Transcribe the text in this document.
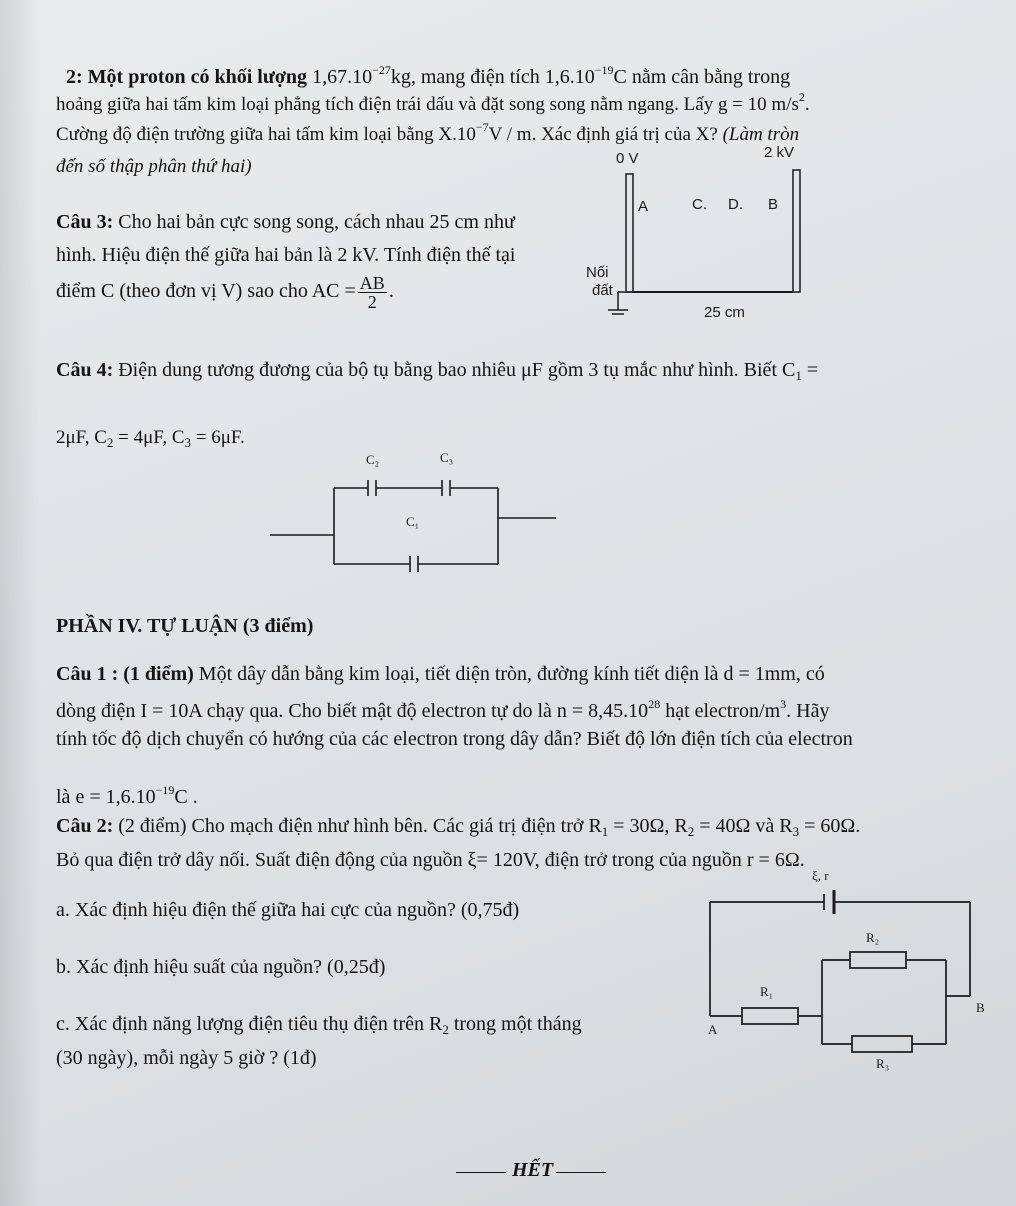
2: Một proton có khối lượng $1,67.10^{-27}kg$, mang điện tích $1,6.10^{-19}C$ nằm cân bằng trong
hoảng giữa hai tấm kim loại phẳng tích điện trái dấu và đặt song song nằm ngang. Lấy g = 10 $m/s^2$.
Cường độ điện trường giữa hai tấm kim loại bằng $X.10^{-7}V$ / m. Xác định giá trị của X? (Làm tròn
đến số thập phân thứ hai)
Câu 3: Cho hai bản cực song song, cách nhau 25 cm như
hình. Hiệu điện thế giữa hai bản là 2 kV. Tính điện thế tại
điểm C (theo đơn vị V) sao cho AC = $\frac{AB}{2}$ .
0 V	2 kV
A	C. D. B
Nối
đất
25 cm
Câu 4: Điện dung tương đương của bộ tụ bằng bao nhiêu μF gồm 3 tụ mắc như hình. Biết $C_1$ =
2μF, $C_2 = 4\mu F$, $C_3 = 6\mu F$.
C₂	C₃
C₁
PHẦN IV. TỰ LUẬN (3 điểm)
Câu 1 : (1 điểm) Một dây dẫn bằng kim loại, tiết diện tròn, đường kính tiết diện là d = 1mm, có
dòng điện I = 10A chạy qua. Cho biết mật độ electron tự do là $n = 8,45.10^{28}$ hạt electron/$m^3$. Hãy
tính tốc độ dịch chuyển có hướng của các electron trong dây dẫn? Biết độ lớn điện tích của electron
là $e = 1,6.10^{-19}C$ .
Câu 2: (2 điểm) Cho mạch điện như hình bên. Các giá trị điện trở $R_1 = 30\Omega$, $R_2 = 40\Omega$ và $R_3 = 60\Omega$.
Bỏ qua điện trở dây nối. Suất điện động của nguồn ξ= 120V, điện trở trong của nguồn r = 6Ω.
a. Xác định hiệu điện thế giữa hai cực của nguồn? (0,75đ)
b. Xác định hiệu suất của nguồn? (0,25đ)
c. Xác định năng lượng điện tiêu thụ điện trên $R_2$ trong một tháng
(30 ngày), mỗi ngày 5 giờ ? (1đ)
ξ, r
R₂
R₁
R₃
A
B
HẾT
